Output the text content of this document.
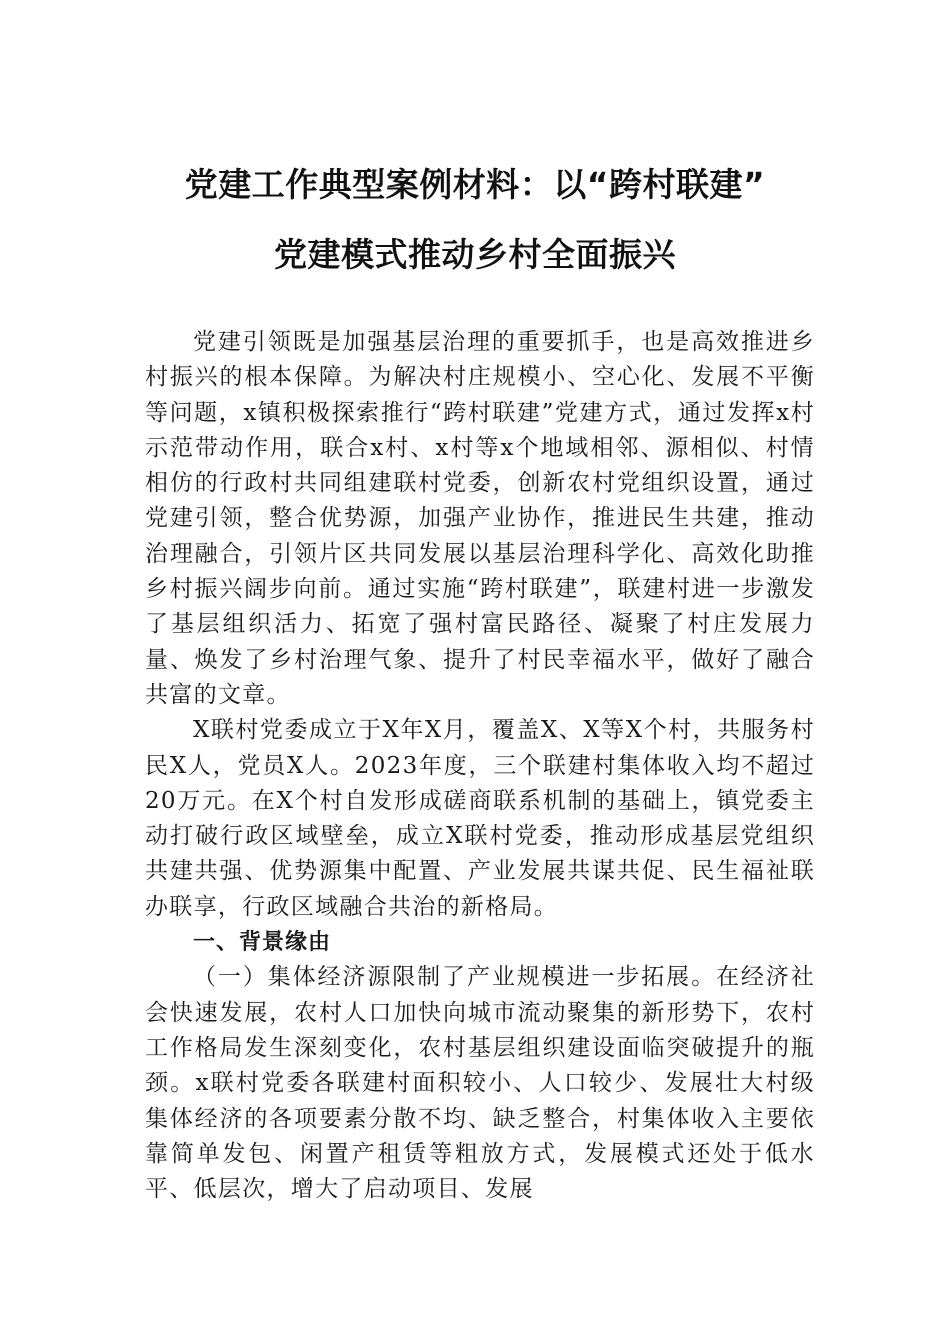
党建工作典型案例材料：以“跨村联建”
党建模式推动乡村全面振兴

党建引领既是加强基层治理的重要抓手，也是高效推进乡村振兴的根本保障。为解决村庄规模小、空心化、发展不平衡等问题，x镇积极探索推行“跨村联建”党建方式，通过发挥x村示范带动作用，联合x村、x村等x个地域相邻、源相似、村情相仿的行政村共同组建联村党委，创新农村党组织设置，通过党建引领，整合优势源，加强产业协作，推进民生共建，推动治理融合，引领片区共同发展以基层治理科学化、高效化助推乡村振兴阔步向前。通过实施“跨村联建”，联建村进一步激发了基层组织活力、拓宽了强村富民路径、凝聚了村庄发展力量、焕发了乡村治理气象、提升了村民幸福水平，做好了融合共富的文章。

X联村党委成立于X年X月，覆盖X、X等X个村，共服务村民X人，党员X人。2023年度，三个联建村集体收入均不超过20万元。在X个村自发形成磋商联系机制的基础上，镇党委主动打破行政区域壁垒，成立X联村党委，推动形成基层党组织共建共强、优势源集中配置、产业发展共谋共促、民生福祉联办联享，行政区域融合共治的新格局。

一、背景缘由

（一）集体经济源限制了产业规模进一步拓展。在经济社会快速发展，农村人口加快向城市流动聚集的新形势下，农村工作格局发生深刻变化，农村基层组织建设面临突破提升的瓶颈。x联村党委各联建村面积较小、人口较少、发展壮大村级集体经济的各项要素分散不均、缺乏整合，村集体收入主要依靠简单发包、闲置产租赁等粗放方式，发展模式还处于低水平、低层次，增大了启动项目、发展
